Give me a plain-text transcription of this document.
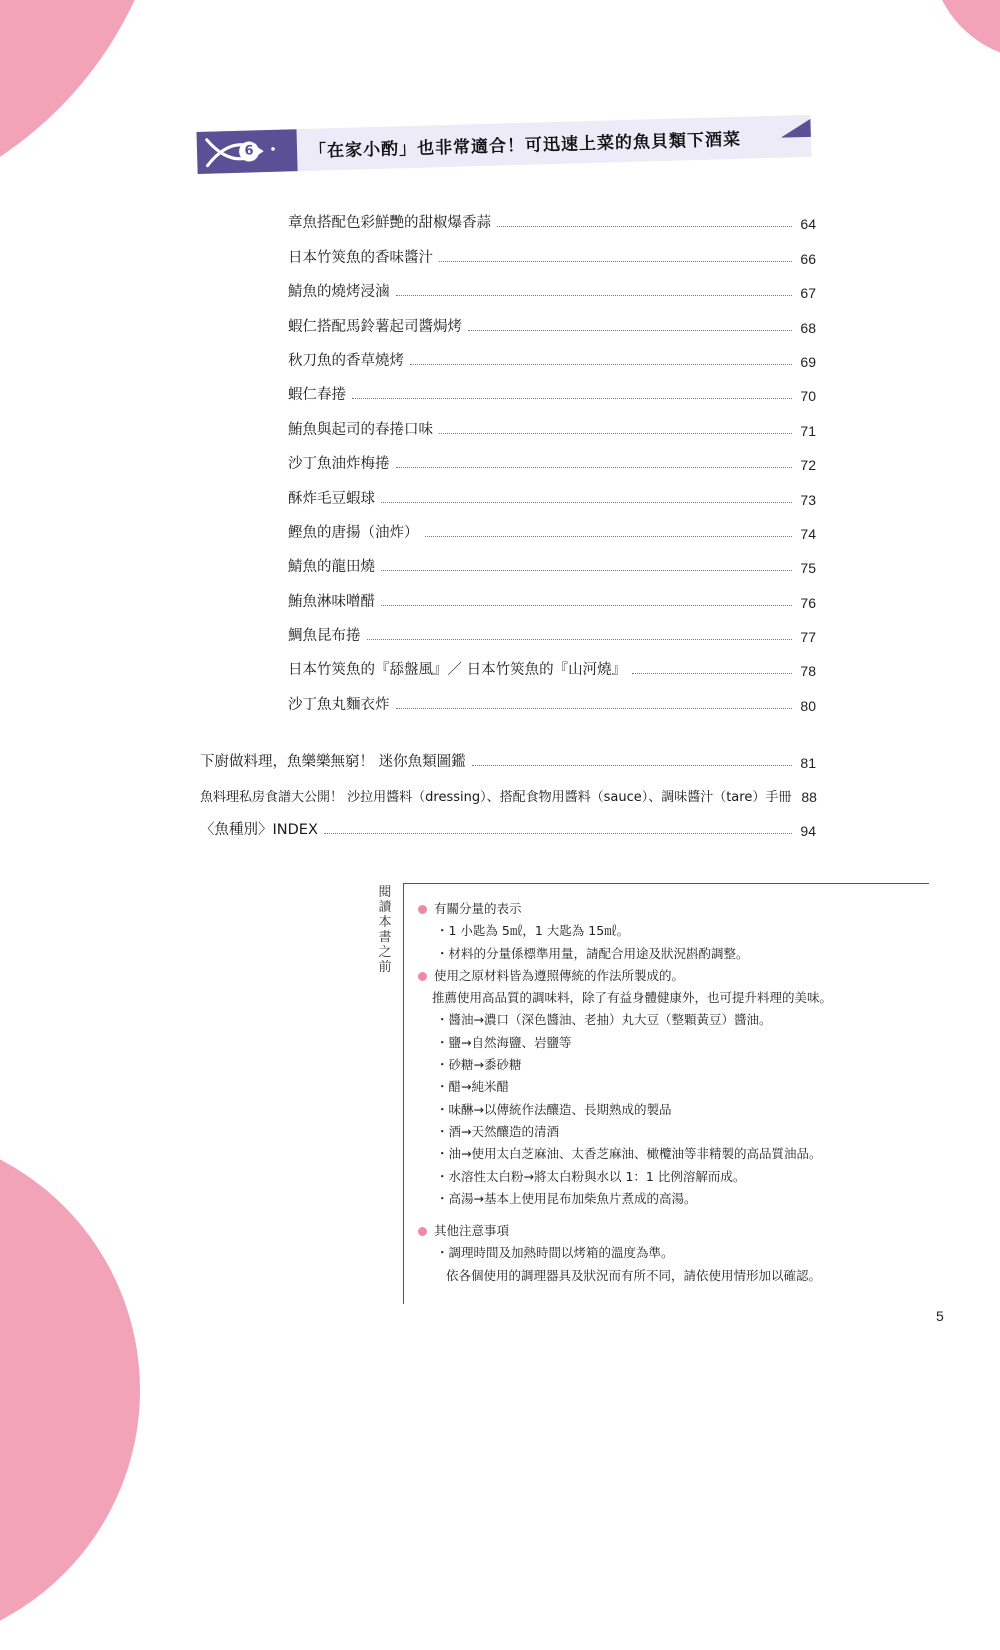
6	「在家小酌」也非常適合！可迅速上菜的魚貝類下酒菜
章魚搭配色彩鮮艷的甜椒爆香蒜	64
日本竹筴魚的香味醬汁	66
鯖魚的燒烤浸滷	67
蝦仁搭配馬鈴薯起司醬焗烤	68
秋刀魚的香草燒烤	69
蝦仁春捲	70
鮪魚與起司的春捲口味	71
沙丁魚油炸梅捲	72
酥炸毛豆蝦球	73
鰹魚的唐揚（油炸）	74
鯖魚的龍田燒	75
鮪魚淋味噌醋	76
鯛魚昆布捲	77
日本竹筴魚的『舔盤風』／ 日本竹筴魚的『山河燒』	78
沙丁魚丸麵衣炸	80
下廚做料理，魚樂樂無窮！ 迷你魚類圖鑑	81
魚料理私房食譜大公開！ 沙拉用醬料（dressing）、搭配食物用醬料（sauce）、調味醬汁（tare）手冊 88
〈魚種別〉INDEX	94
閱讀本書之前
有關分量的表示
・1 小匙為 5㎖，1 大匙為 15㎖。
・材料的分量係標準用量，請配合用途及狀況斟酌調整。
使用之原材料皆為遵照傳統的作法所製成的。
推薦使用高品質的調味料，除了有益身體健康外，也可提升料理的美味。
・醬油→濃口（深色醬油、老抽）丸大豆（整顆黃豆）醬油。
・鹽→自然海鹽、岩鹽等
・砂糖→黍砂糖
・醋→純米醋
・味醂→以傳統作法釀造、長期熟成的製品
・酒→天然釀造的清酒
・油→使用太白芝麻油、太香芝麻油、橄欖油等非精製的高品質油品。
・水溶性太白粉→將太白粉與水以 1：1 比例溶解而成。
・高湯→基本上使用昆布加柴魚片煮成的高湯。
其他注意事項
・調理時間及加熱時間以烤箱的溫度為準。
依各個使用的調理器具及狀況而有所不同，請依使用情形加以確認。
5
